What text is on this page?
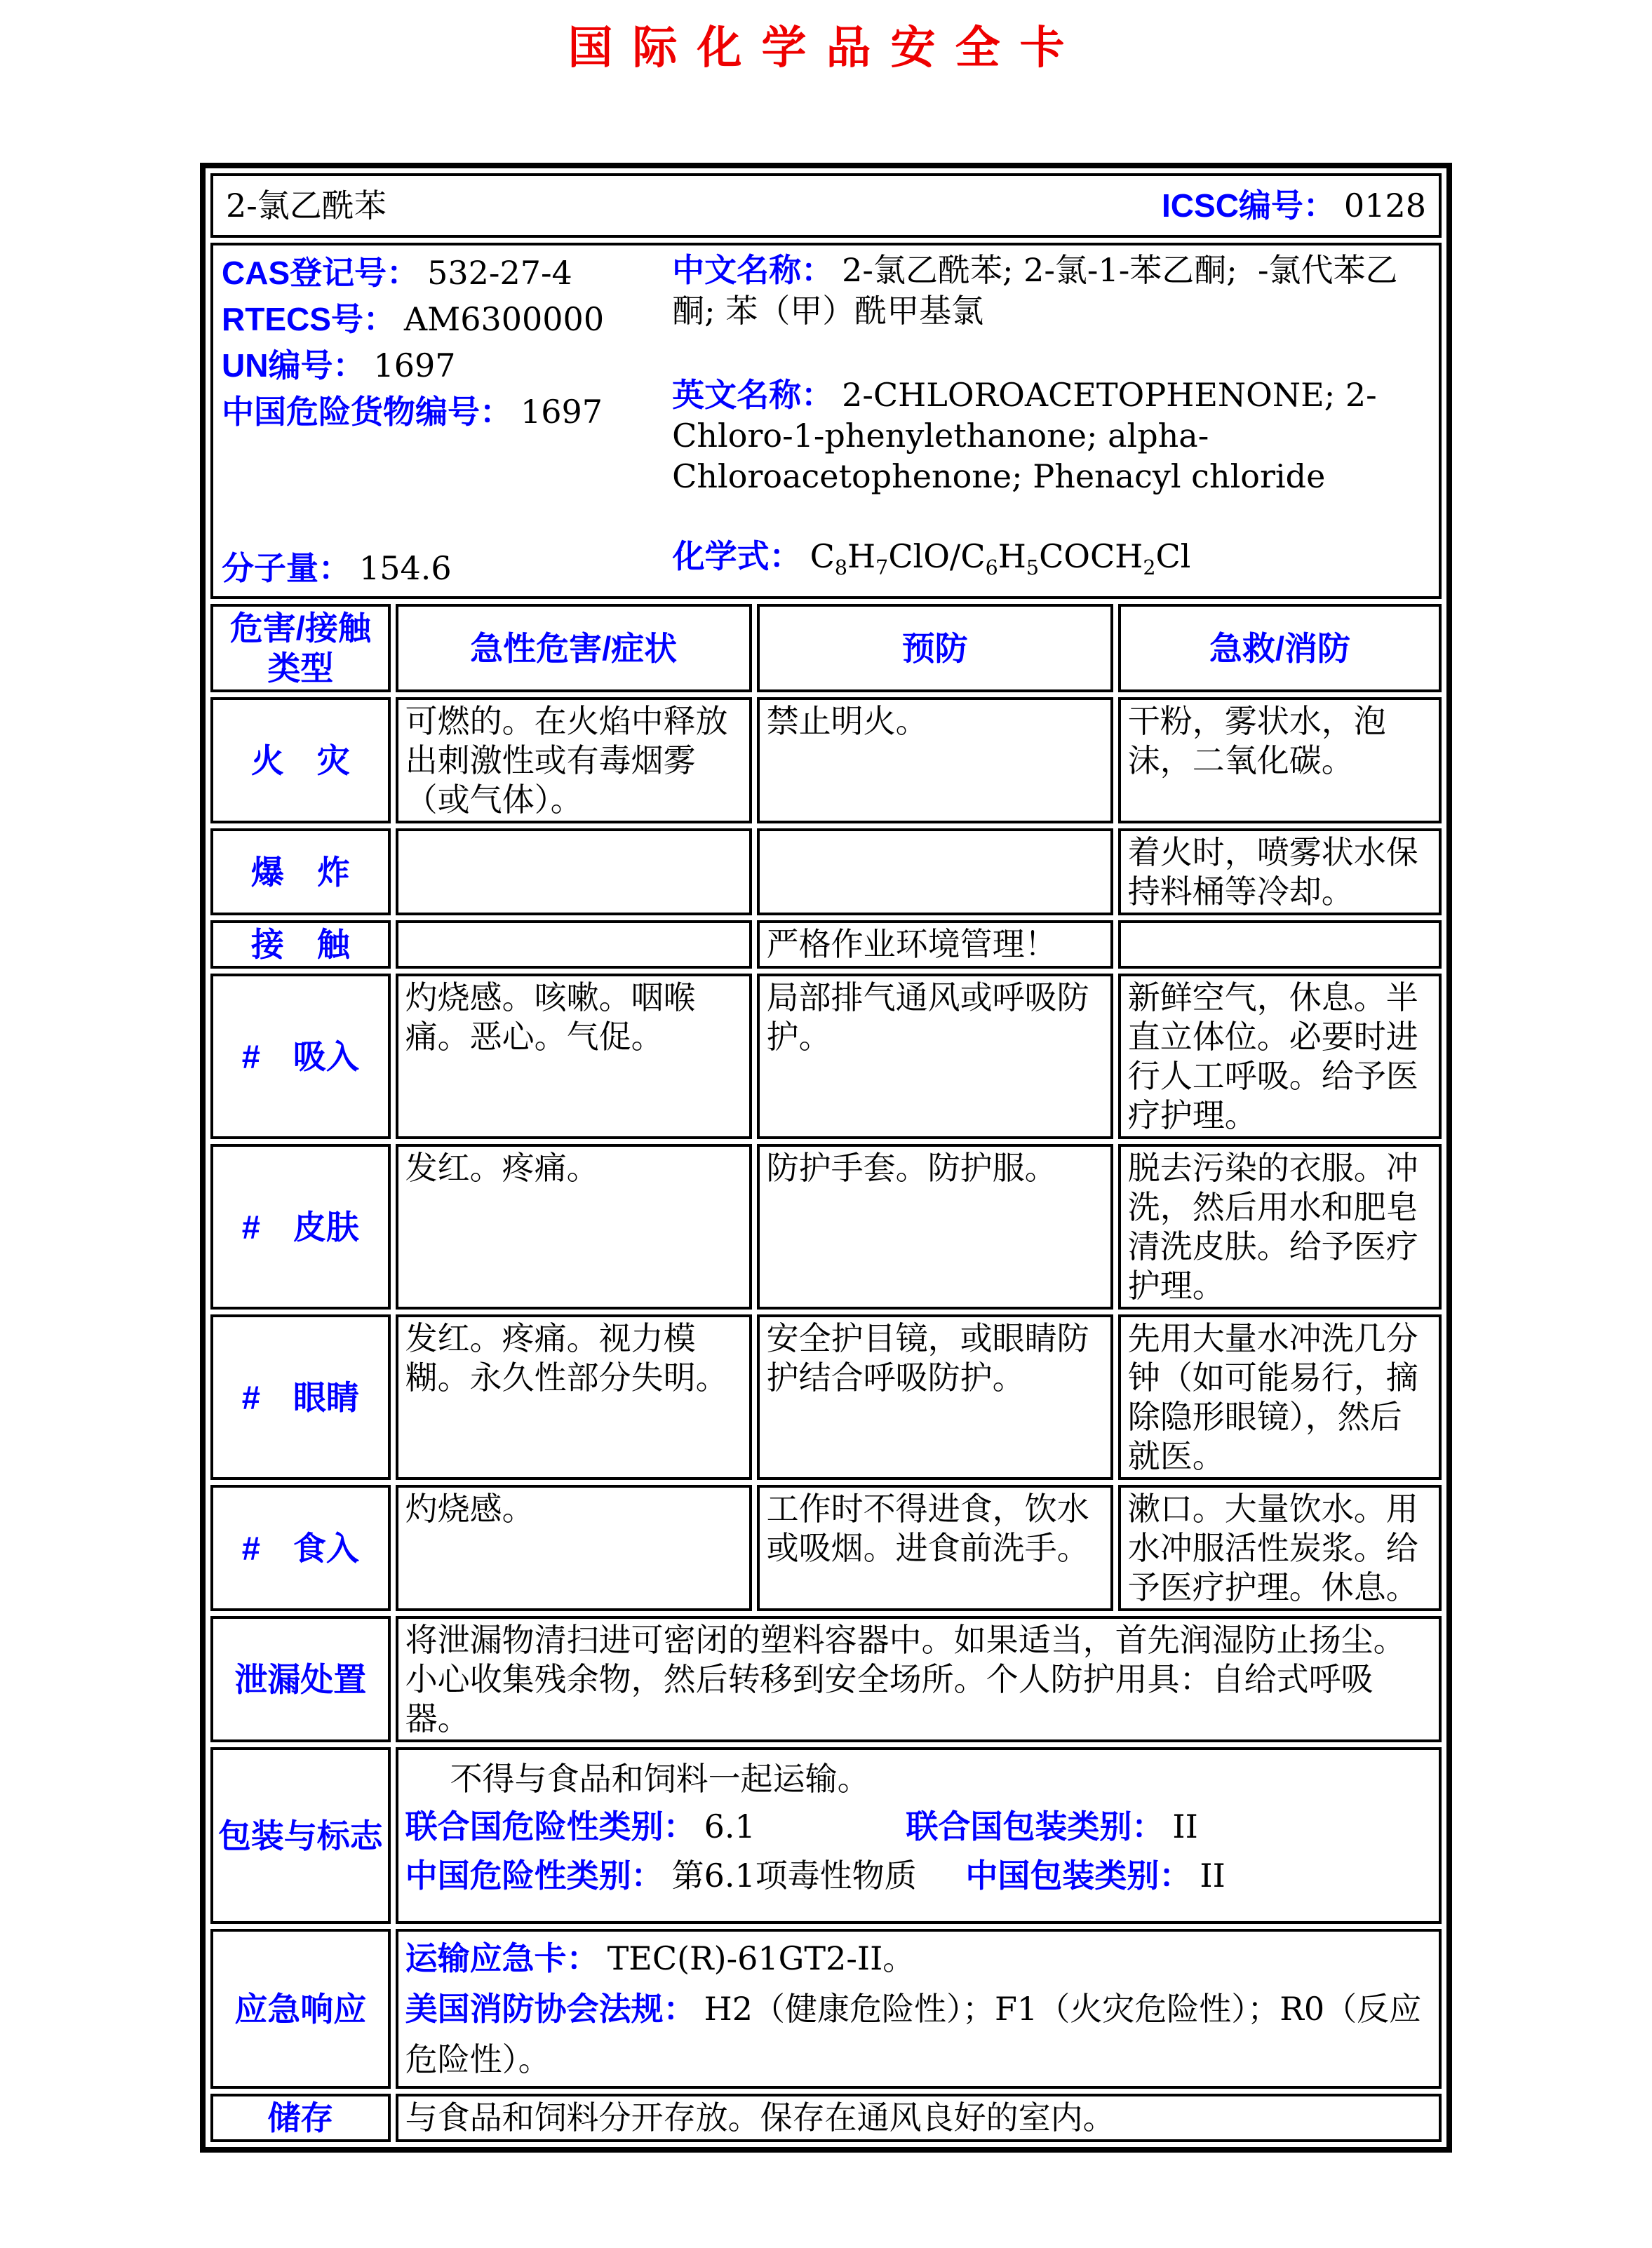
国际化学品安全卡
2-氯乙酰苯 ICSC编号： 0128			

CAS登记号： 532-27-4
RTECS号： AM6300000
UN编号： 1697
中国危险货物编号： 1697
中文名称： 2-氯乙酰苯; 2-氯-1-苯乙酮;  -氯代苯乙酮; 苯（甲）酰甲基氯
英文名称： 2-CHLOROACETOPHENONE; 2-Chloro-1-phenylethanone; alpha-Chloroacetophenone; Phenacyl chloride
分子量： 154.6	化学式： $C_8H_7ClO/C_6H_5COCH_2Cl$

危害/接触类型	急性危害/症状	预防	急救/消防
火　灾	可燃的。在火焰中释放出刺激性或有毒烟雾（或气体）。	禁止明火。	干粉，雾状水，泡沫，二氧化碳。
爆　炸			着火时，喷雾状水保持料桶等冷却。
接　触		严格作业环境管理！	
#　吸入	灼烧感。咳嗽。咽喉痛。恶心。气促。	局部排气通风或呼吸防护。	新鲜空气，休息。半直立体位。必要时进行人工呼吸。给予医疗护理。
#　皮肤	发红。疼痛。	防护手套。防护服。	脱去污染的衣服。冲洗，然后用水和肥皂清洗皮肤。给予医疗护理。
#　眼睛	发红。疼痛。视力模糊。永久性部分失明。	安全护目镜，或眼睛防护结合呼吸防护。	先用大量水冲洗几分钟（如可能易行，摘除隐形眼镜），然后就医。
#　食入	灼烧感。	工作时不得进食，饮水或吸烟。进食前洗手。	漱口。大量饮水。用水冲服活性炭浆。给予医疗护理。休息。
泄漏处置	将泄漏物清扫进可密闭的塑料容器中。如果适当，首先润湿防止扬尘。小心收集残余物，然后转移到安全场所。个人防护用具：自给式呼吸器。		
包装与标志	不得与食品和饲料一起运输。
联合国危险性类别： 6.1 联合国包装类别： II
中国危险性类别： 第6.1项毒性物质 中国包装类别： II		

应急响应	运输应急卡： TEC(R)-61GT2-II。
美国消防协会法规： H2（健康危险性）；F1（火灾危险性）；R0（反应危险性）。		

储存	与食品和饲料分开存放。保存在通风良好的室内。		
